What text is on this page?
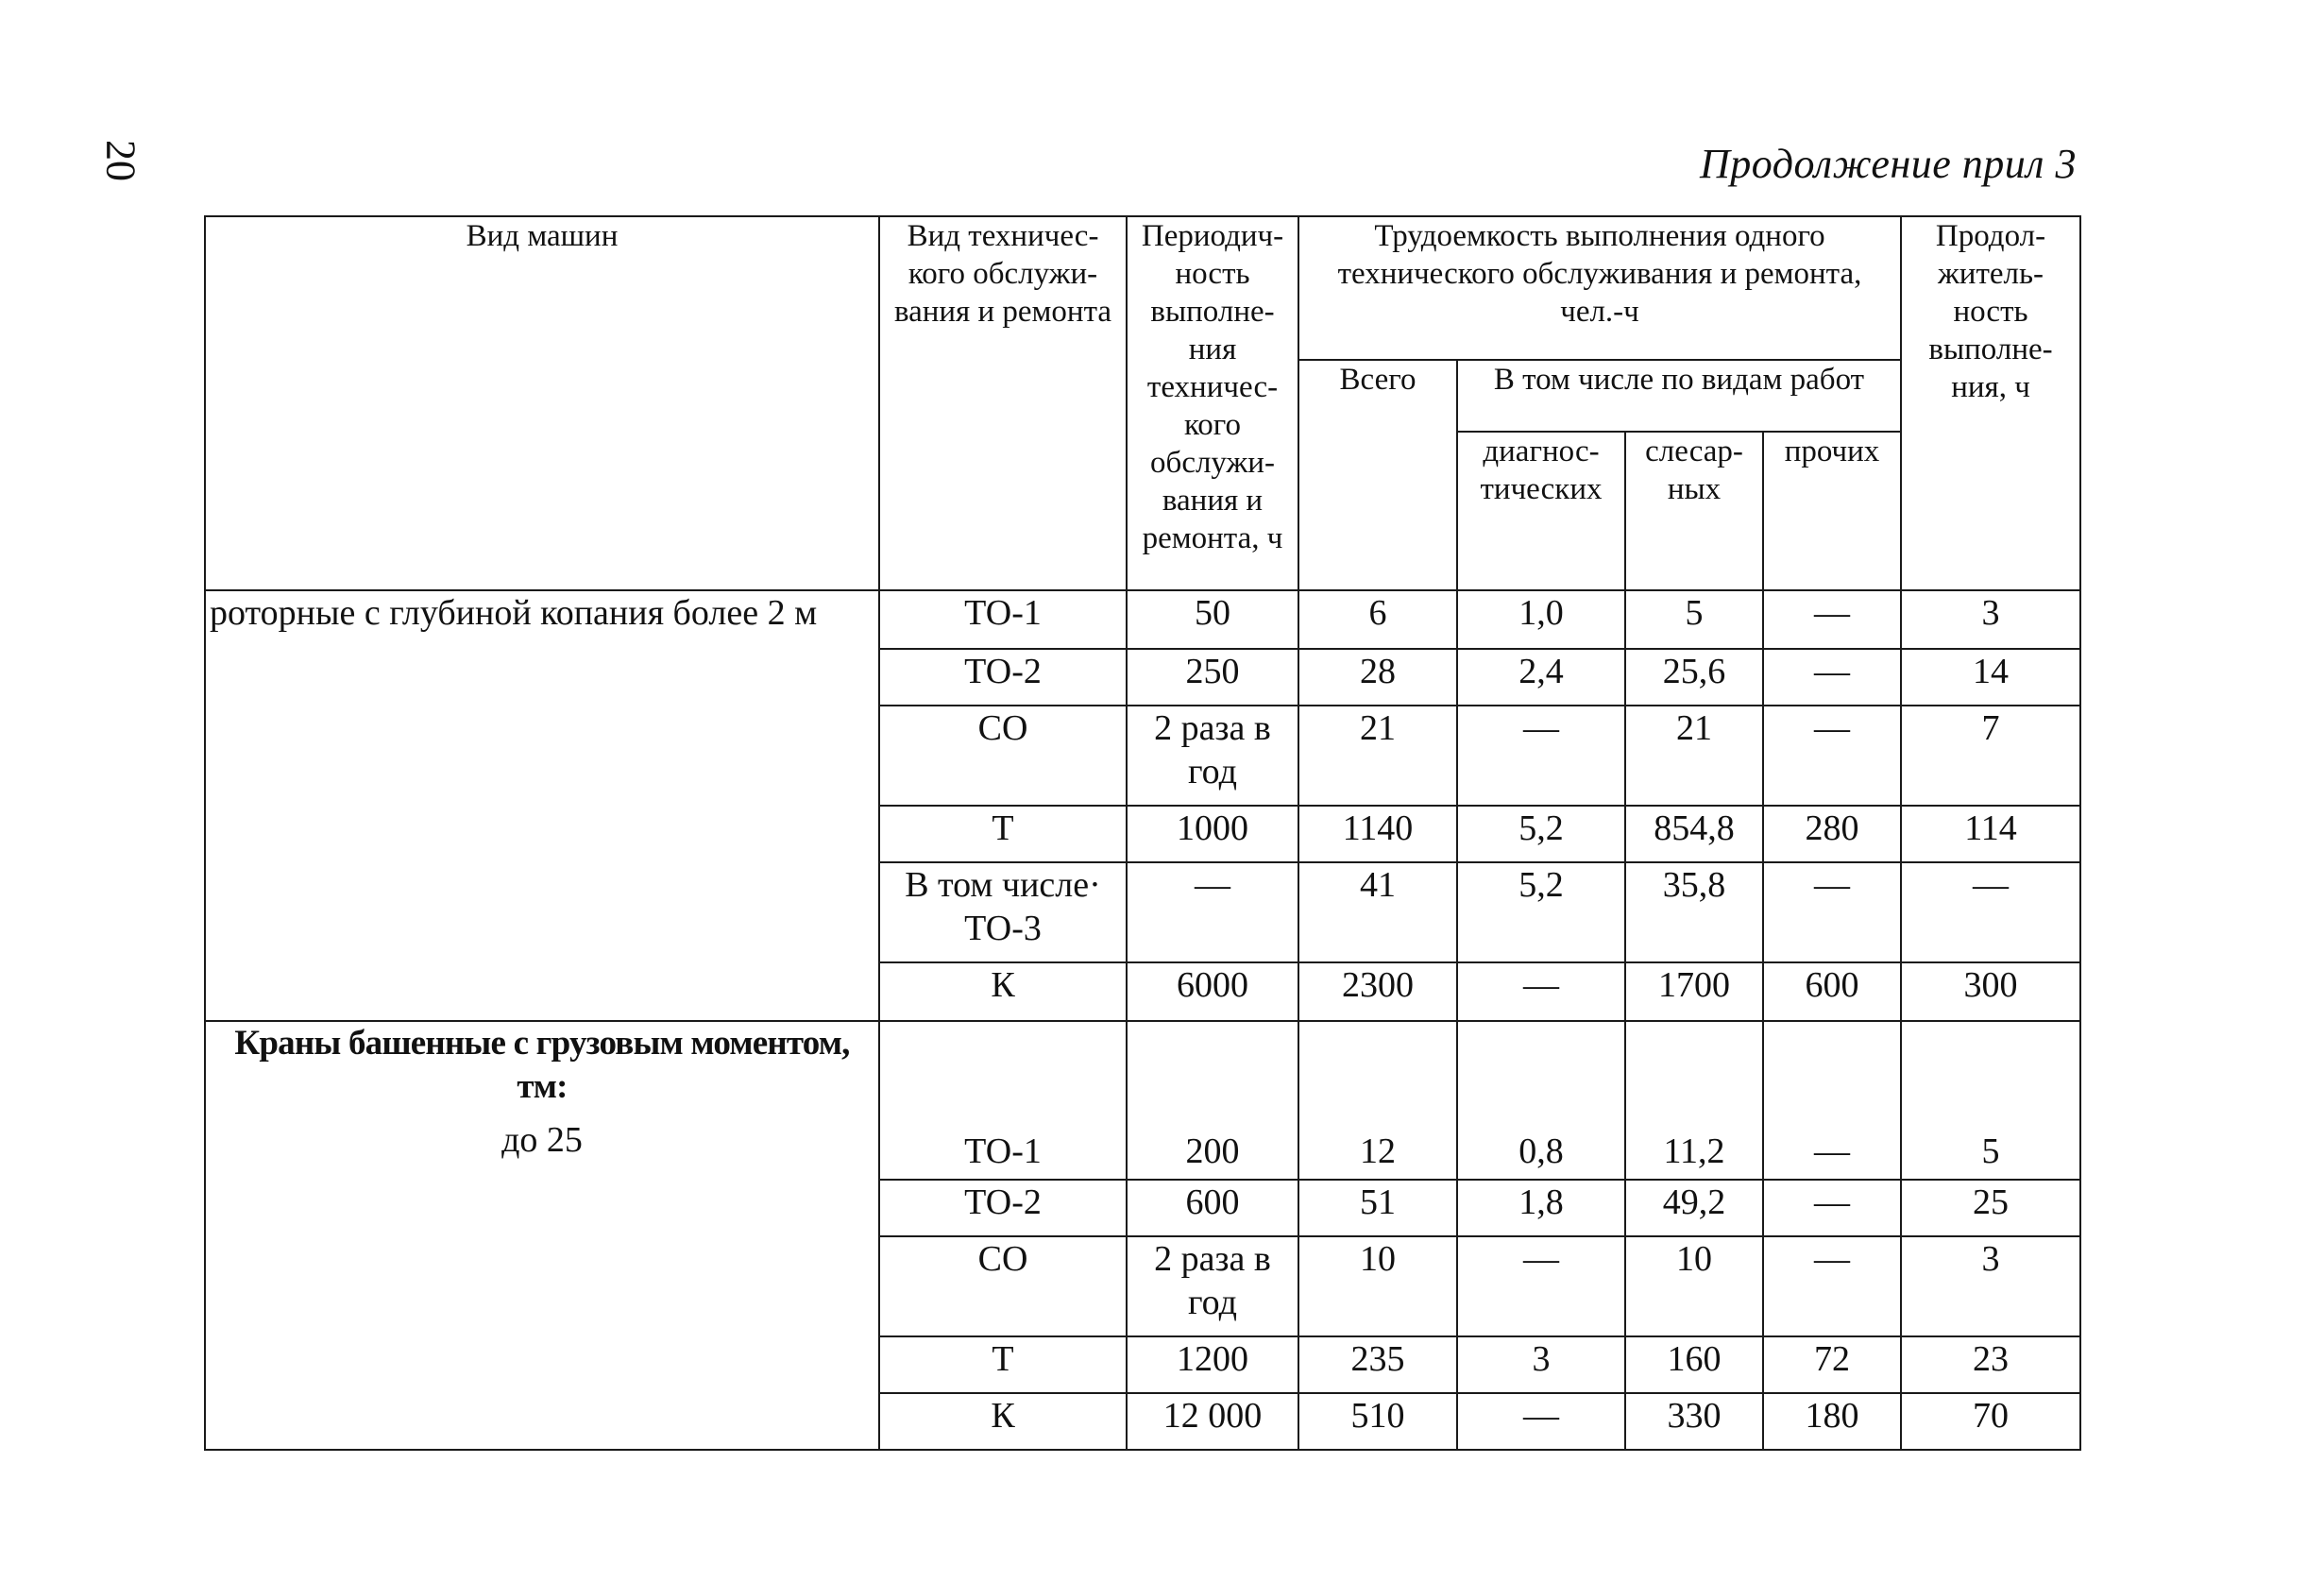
20	Продолжение прил 3
Вид машин	Вид техничес-кого обслужи-вания и ремонта	Периодич-ность выполне-ния техничес-кого обслужи-вания и ремонта, ч	Трудоемкость выполнения одного технического обслуживания и ремонта, чел.-ч				Продол-житель-ность выполне-ния, ч
			Всего	В том числе по видам работ			
				диагнос-тических	слесар-ных	прочих	

роторные с глубиной копания более 2 м	ТО-1	50	6	1,0	5	—	3
	ТО-2	250	28	2,4	25,6	—	14
	СО	2 раза в год	21	—	21	—	7
	Т	1000	1140	5,2	854,8	280	114
	В том числе· ТО-3	—	41	5,2	35,8	—	—
	К	6000	2300	—	1700	600	300

Краны башенные с грузовым моментом, тм:
до 25	ТО-1	200	12	0,8	11,2	—	5
	ТО-2	600	51	1,8	49,2	—	25
	СО	2 раза в год	10	—	10	—	3
	Т	1200	235	3	160	72	23
	К	12 000	510	—	330	180	70
